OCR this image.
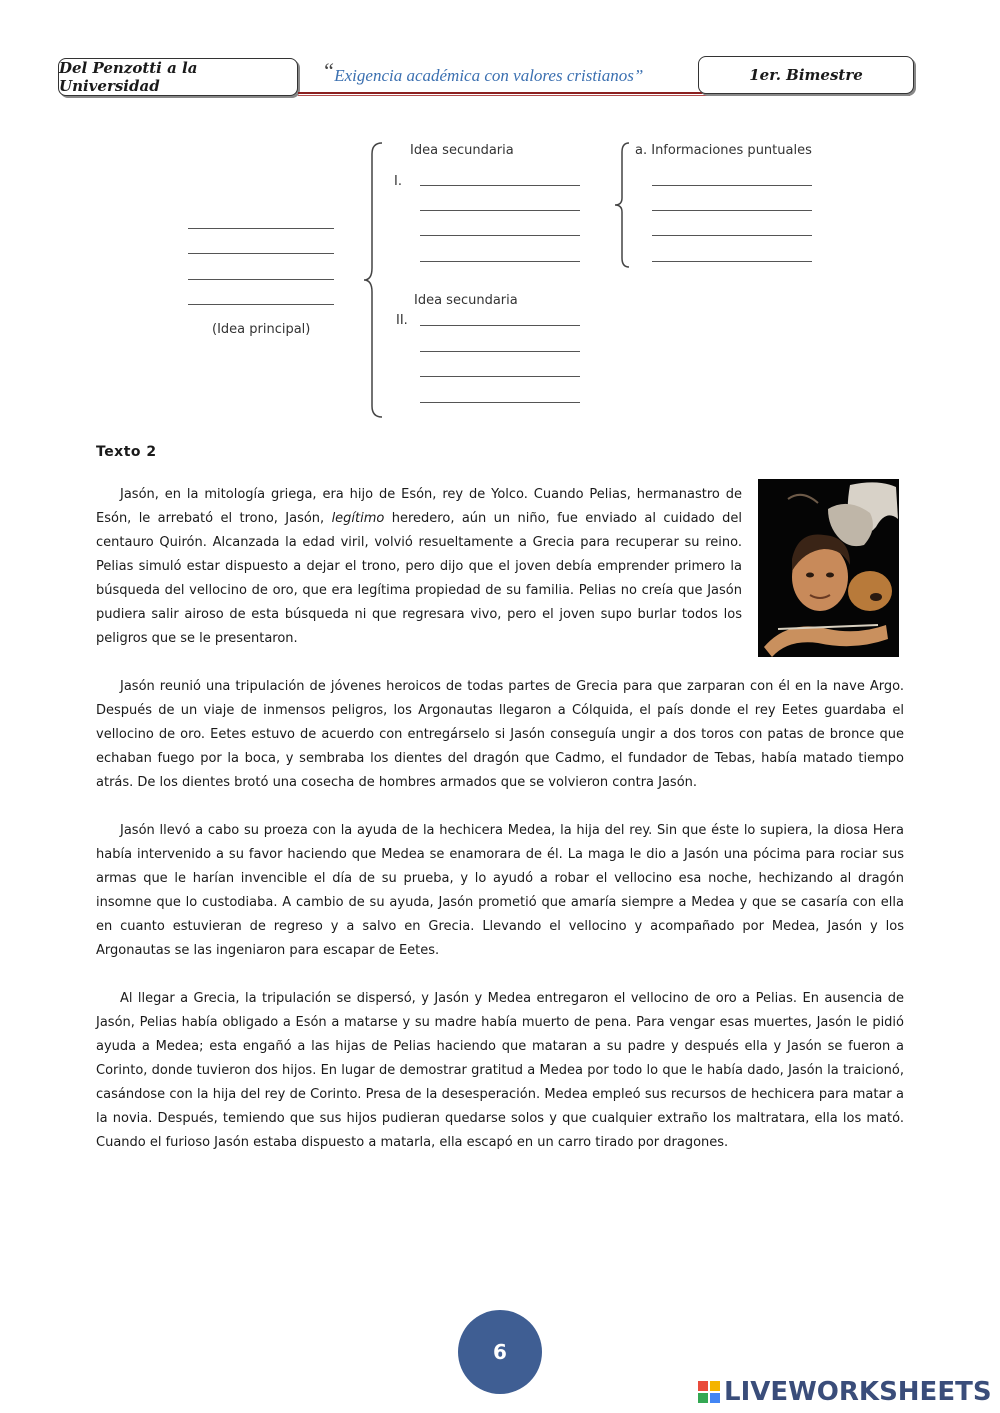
Del Penzotti a la Universidad
“Exigencia académica con valores cristianos”	1er. Bimestre
(Idea principal)
Idea secundaria
I.
a. Informaciones puntuales
Idea secundaria
II.
Texto 2

Jasón, en la mitología griega, era hijo de Esón, rey de Yolco. Cuando Pelias, hermanastro de Esón, le arrebató el trono, Jasón, legítimo heredero, aún un niño, fue enviado al cuidado del centauro Quirón. Alcanzada la edad viril, volvió resueltamente a Grecia para recuperar su reino. Pelias simuló estar dispuesto a dejar el trono, pero dijo que el joven debía emprender primero la búsqueda del vellocino de oro, que era legítima propiedad de su familia. Pelias no creía que Jasón pudiera salir airoso de esta búsqueda ni que regresara vivo, pero el joven supo burlar todos los peligros que se le presentaron.

Jasón reunió una tripulación de jóvenes heroicos de todas partes de Grecia para que zarparan con él en la nave Argo. Después de un viaje de inmensos peligros, los Argonautas llegaron a Cólquida, el país donde el rey Eetes guardaba el vellocino de oro. Eetes estuvo de acuerdo con entregárselo si Jasón conseguía ungir a dos toros con patas de bronce que echaban fuego por la boca, y sembraba los dientes del dragón que Cadmo, el fundador de Tebas, había matado tiempo atrás. De los dientes brotó una cosecha de hombres armados que se volvieron contra Jasón.

Jasón llevó a cabo su proeza con la ayuda de la hechicera Medea, la hija del rey. Sin que éste lo supiera, la diosa Hera había intervenido a su favor haciendo que Medea se enamorara de él. La maga le dio a Jasón una pócima para rociar sus armas que le harían invencible el día de su prueba, y lo ayudó a robar el vellocino esa noche, hechizando al dragón insomne que lo custodiaba. A cambio de su ayuda, Jasón prometió que amaría siempre a Medea y que se casaría con ella en cuanto estuvieran de regreso y a salvo en Grecia. Llevando el vellocino y acompañado por Medea, Jasón y los Argonautas se las ingeniaron para escapar de Eetes.

Al llegar a Grecia, la tripulación se dispersó, y Jasón y Medea entregaron el vellocino de oro a Pelias. En ausencia de Jasón, Pelias había obligado a Esón a matarse y su madre había muerto de pena. Para vengar esas muertes, Jasón le pidió ayuda a Medea; esta engañó a las hijas de Pelias haciendo que mataran a su padre y después ella y Jasón se fueron a Corinto, donde tuvieron dos hijos. En lugar de demostrar gratitud a Medea por todo lo que le había dado, Jasón la traicionó, casándose con la hija del rey de Corinto. Presa de la desesperación. Medea empleó sus recursos de hechicera para matar a la novia. Después, temiendo que sus hijos pudieran quedarse solos y que cualquier extraño los maltratara, ella los mató. Cuando el furioso Jasón estaba dispuesto a matarla, ella escapó en un carro tirado por dragones.

6
LIVEWORKSHEETS
